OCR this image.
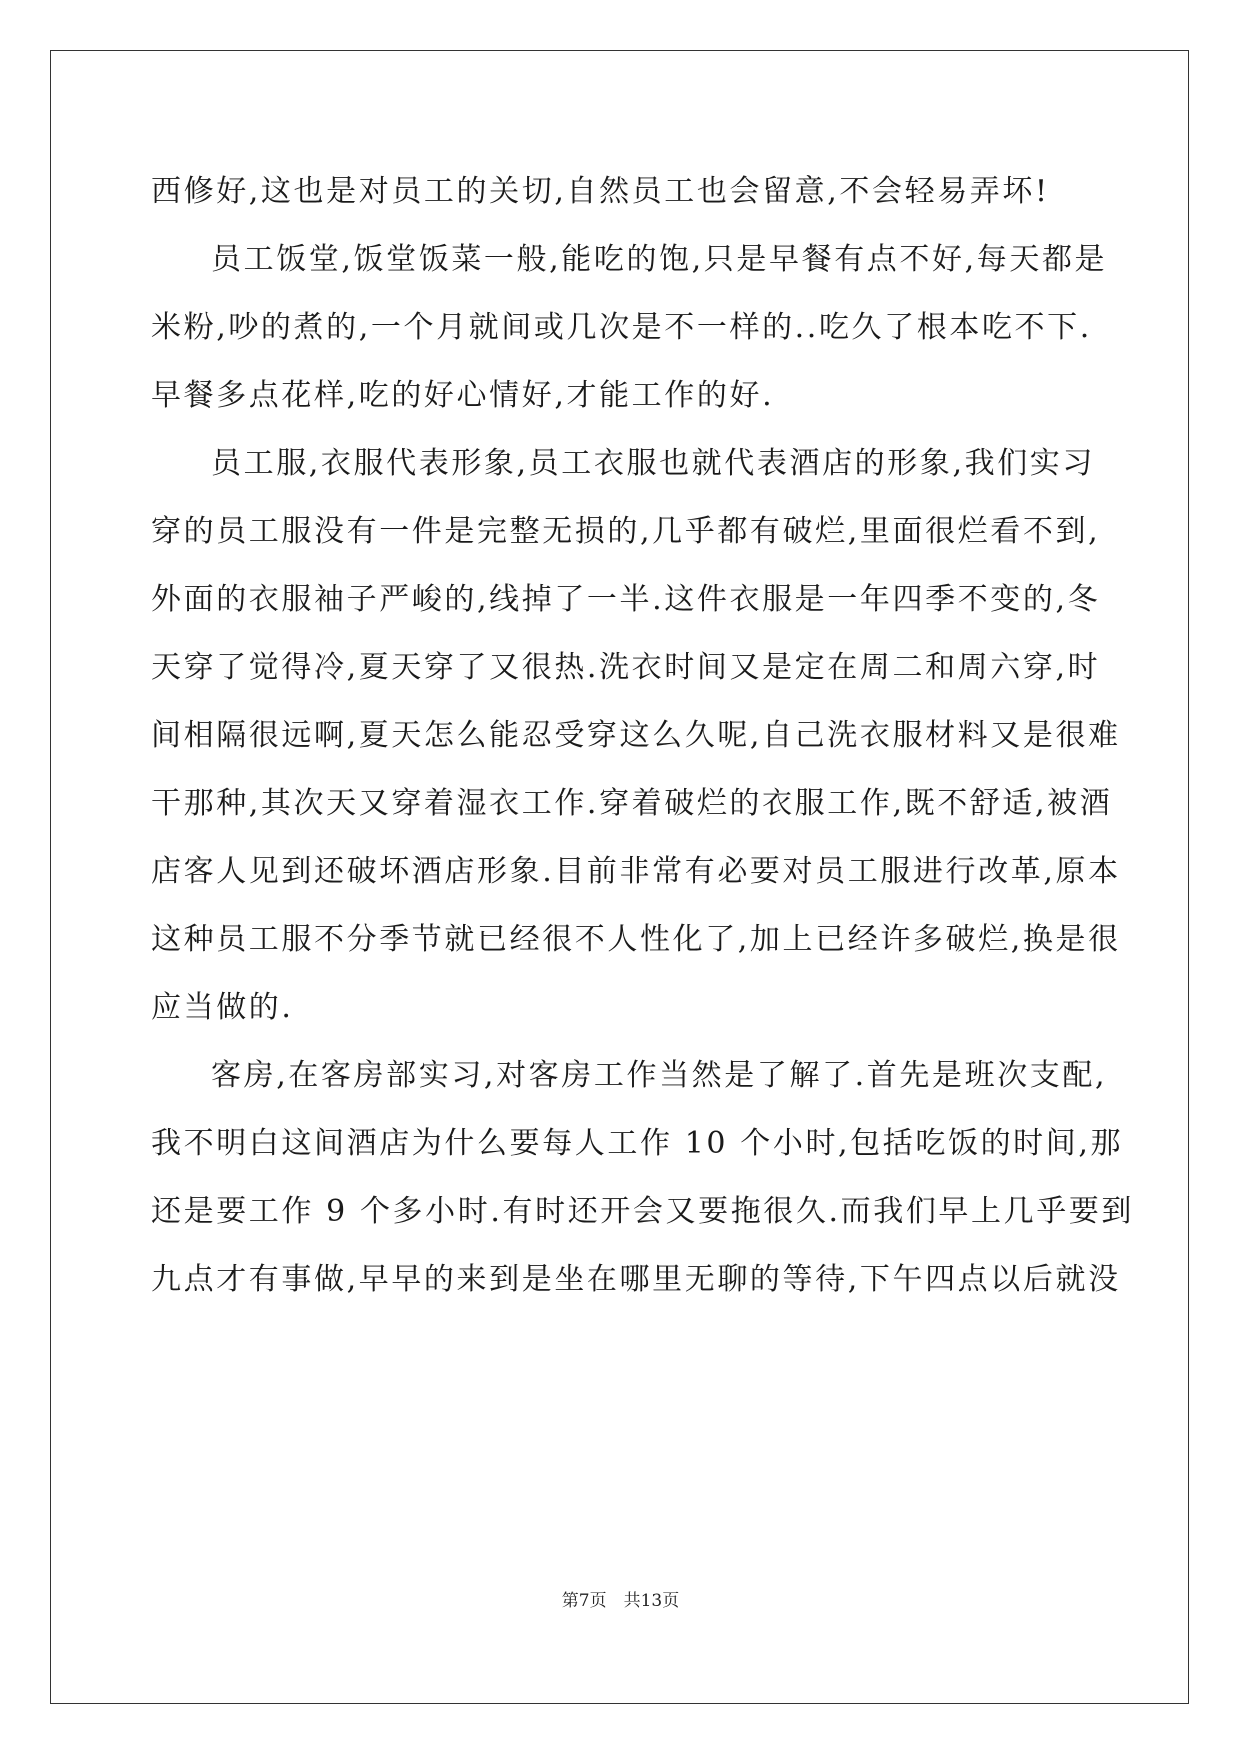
西修好,这也是对员工的关切,自然员工也会留意,不会轻易弄坏!
员工饭堂,饭堂饭菜一般,能吃的饱,只是早餐有点不好,每天都是
米粉,吵的煮的,一个月就间或几次是不一样的..吃久了根本吃不下.
早餐多点花样,吃的好心情好,才能工作的好.
员工服,衣服代表形象,员工衣服也就代表酒店的形象,我们实习
穿的员工服没有一件是完整无损的,几乎都有破烂,里面很烂看不到,
外面的衣服袖子严峻的,线掉了一半.这件衣服是一年四季不变的,冬
天穿了觉得冷,夏天穿了又很热.洗衣时间又是定在周二和周六穿,时
间相隔很远啊,夏天怎么能忍受穿这么久呢,自己洗衣服材料又是很难
干那种,其次天又穿着湿衣工作.穿着破烂的衣服工作,既不舒适,被酒
店客人见到还破坏酒店形象.目前非常有必要对员工服进行改革,原本
这种员工服不分季节就已经很不人性化了,加上已经许多破烂,换是很
应当做的.
客房,在客房部实习,对客房工作当然是了解了.首先是班次支配,
我不明白这间酒店为什么要每人工作 10 个小时,包括吃饭的时间,那
还是要工作 9 个多小时.有时还开会又要拖很久.而我们早上几乎要到
九点才有事做,早早的来到是坐在哪里无聊的等待,下午四点以后就没
第7页　共13页
